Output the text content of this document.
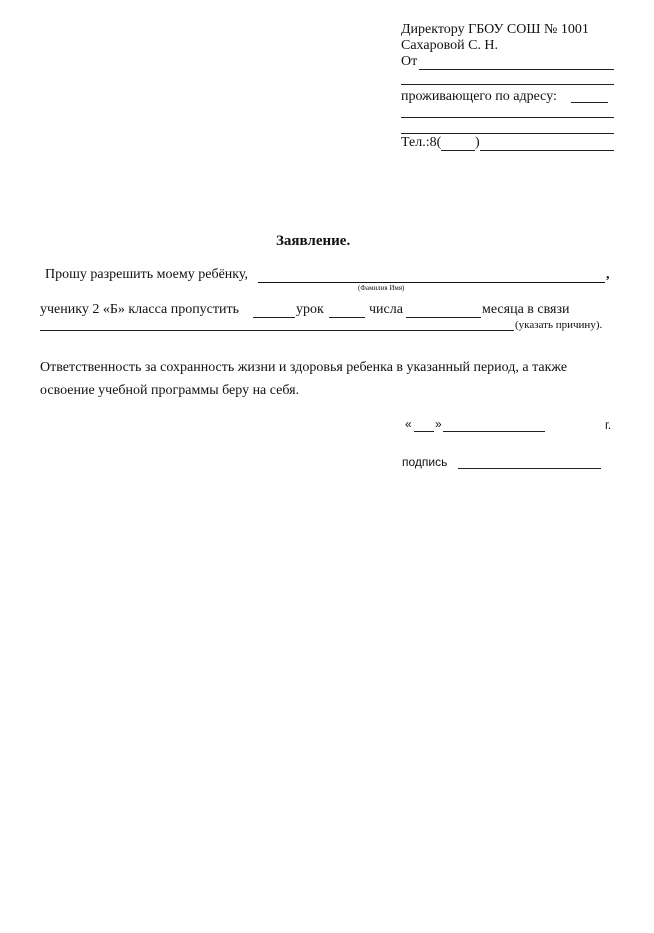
Директору ГБОУ СОШ № 1001
Сахаровой С. Н.
От
проживающего по адресу:
Тел.:8( )
Заявление.
Прошу разрешить моему ребёнку,	,
(Фамилия Имя)
ученику 2 «Б» класса пропустить	урок	числа	месяца в связи
(указать причину).
Ответственность за сохранность жизни и здоровья ребенка в указанный период, а также
освоение учебной программы беру на себя.
« »	г.
подпись
